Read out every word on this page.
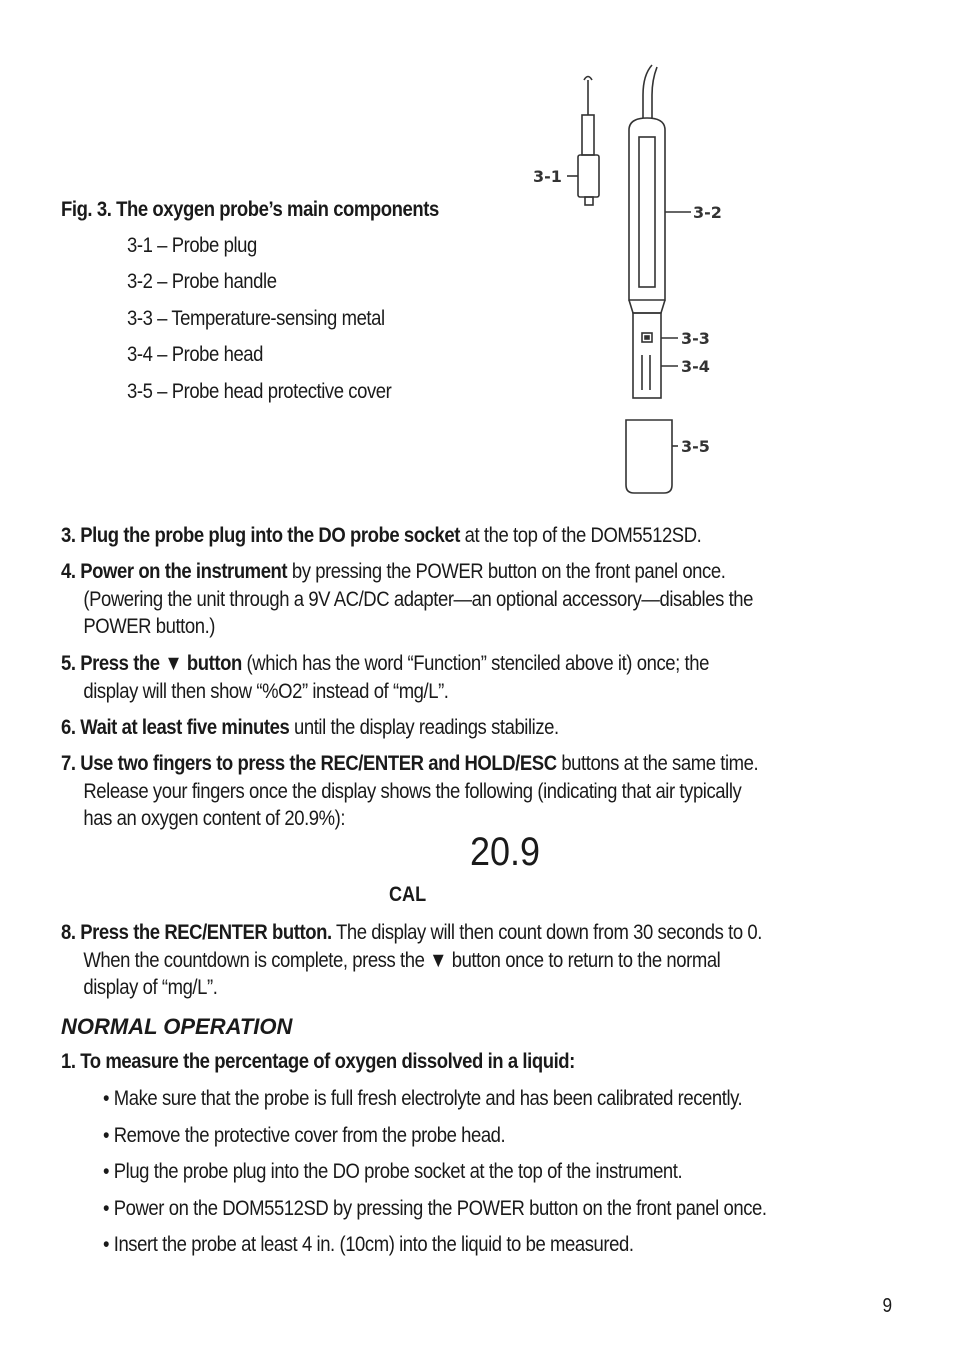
Fig. 3. The oxygen probe’s main components
3-1 – Probe plug
3-2 – Probe handle
3-3 – Temperature-sensing metal
3-4 – Probe head
3-5 – Probe head protective cover
3-1
3-2
3-3
3-4
3-5
3. Plug the probe plug into the DO probe socket at the top of the DOM5512SD.
4. Power on the instrument by pressing the POWER button on the front panel once.
(Powering the unit through a 9V AC/DC adapter—an optional accessory—disables the
POWER button.)
5. Press the ▼ button (which has the word “Function” stenciled above it) once; the
display will then show “%O2” instead of “mg/L”.
6. Wait at least five minutes until the display readings stabilize.
7. Use two fingers to press the REC/ENTER and HOLD/ESC buttons at the same time.
Release your fingers once the display shows the following (indicating that air typically
has an oxygen content of 20.9%):
20.9
CAL
8. Press the REC/ENTER button. The display will then count down from 30 seconds to 0.
When the countdown is complete, press the ▼ button once to return to the normal
display of “mg/L”.
NORMAL OPERATION
1. To measure the percentage of oxygen dissolved in a liquid:
• Make sure that the probe is full fresh electrolyte and has been calibrated recently.
• Remove the protective cover from the probe head.
• Plug the probe plug into the DO probe socket at the top of the instrument.
• Power on the DOM5512SD by pressing the POWER button on the front panel once.
• Insert the probe at least 4 in. (10cm) into the liquid to be measured.
9
